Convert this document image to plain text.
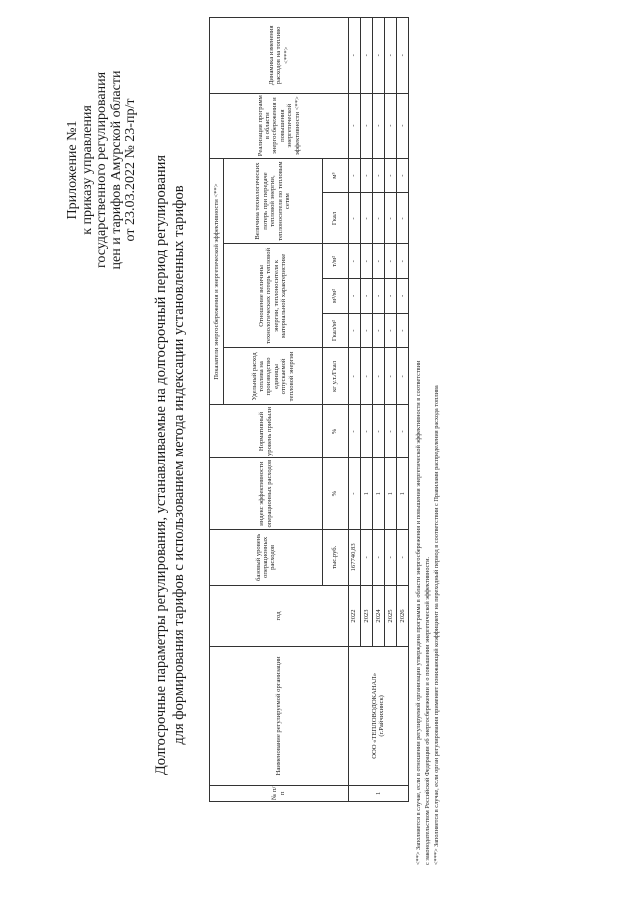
Приложение №1 к приказу управления государственного регулирования цен и тарифов Амурской области от 23.03.2022 № 23-пр/т Долгосрочные параметры регулирования, устанавливаемые на долгосрочный период регулирования для формирования тарифов с использованием метода индексации установленных тарифов
№ п/п	Наименование регулируемой организации	год	базовый уровень операционных расходов	индекс эффективности операционных расходов	Нормативный уровень прибыли	Показатели энергосбережения и энергетической эффективности <**>						Реализация программ в области энергосбережения и повышения энергетической эффективности <**>	Динамика изменения расходов на топливо <***>
						Удельный расход топлива на производство единицы отпускаемой тепловой энергии	Отношение величины технологических потерь тепловой энергии, теплоносителя к материальной характеристике			Величина технологических потерь при передаче тепловой энергии, теплоносителя по тепловым сетям			
			тыс.руб.	%	%	кг у.т./Гкал	Гкал/м²	м³/м²	т/м²	Гкал	м³		
1	ООО «ТЕПЛОВОДОКАНАЛ» (г.Райчихинск)	2022	167740,83	-	-	-	-	-	-	-	-	-	-
		2023	-	1	-	-	-	-	-	-	-	-	-
		2024	-	1	-	-	-	-	-	-	-	-	-
		2025	-	1	-	-	-	-	-	-	-	-	-
		2026	-	1	-	-	-	-	-	-	-	-	-
<**> Заполняется в случае, если в отношении регулируемой организации утверждена программа в области энергосбережения и повышения энергетической эффективности в соответствии с законодательством Российской Федерации об энергосбережении и о повышении энергетической эффективности. <***> Заполняется в случае, если орган регулирования применяет понижающий коэффициент на переходный период в соответствии с Правилами распределения расхода топлива
